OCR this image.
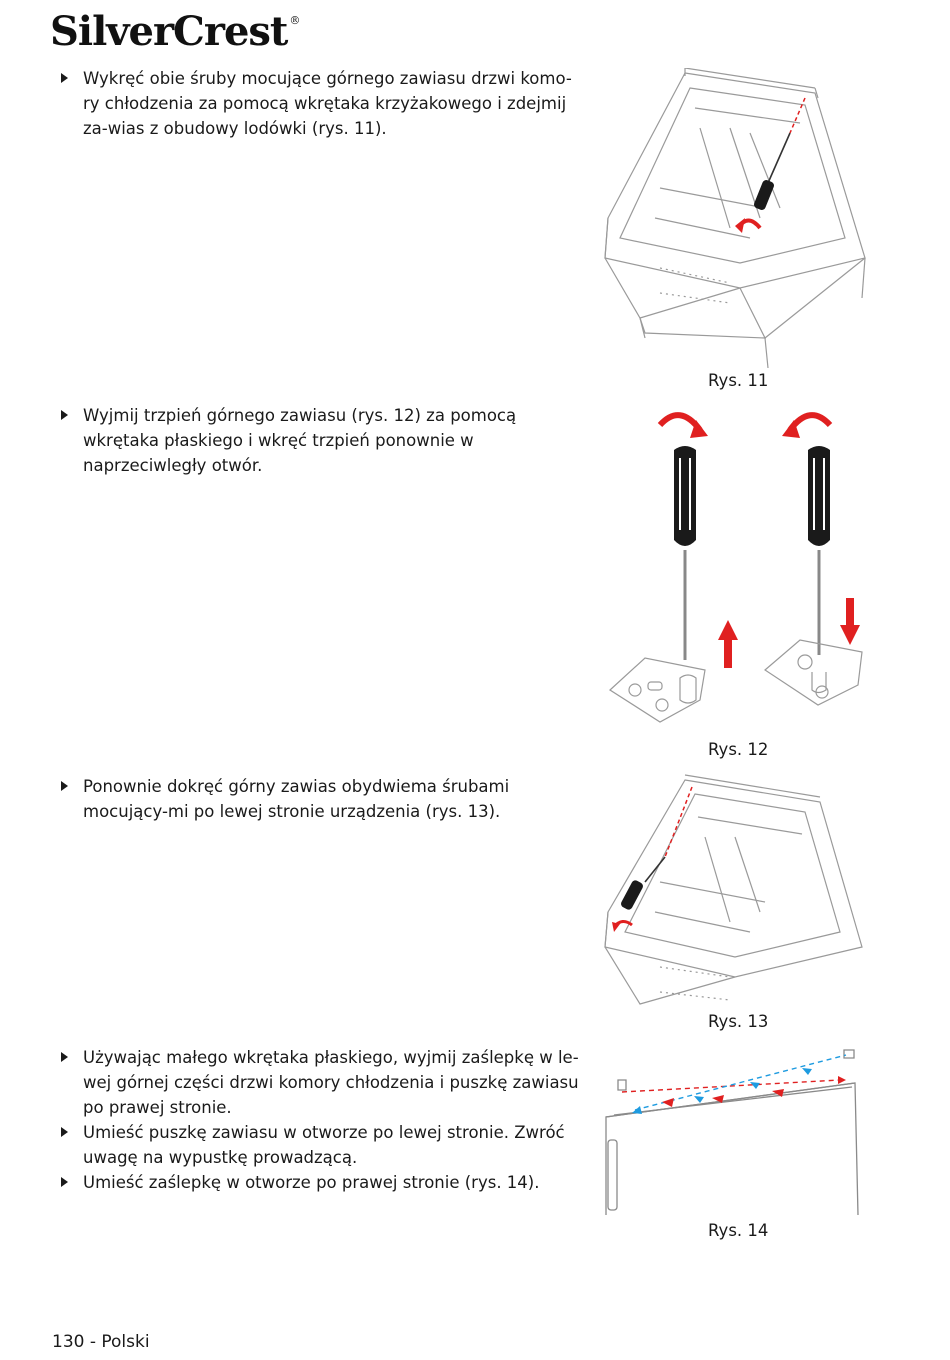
SilverCrest ®

Wykręć obie śruby mocujące górnego zawiasu drzwi komo-ry chłodzenia za pomocą wkrętaka krzyżakowego i zdejmij za-wias z obudowy lodówki (rys. 11).

Rys. 11

Wyjmij trzpień górnego zawiasu (rys. 12) za pomocą wkrętaka płaskiego i wkręć trzpień ponownie w naprzeciwległy otwór.

Rys. 12

Ponownie dokręć górny zawias obydwiema śrubami mocujący-mi po lewej stronie urządzenia (rys. 13).

Rys. 13

Używając małego wkrętaka płaskiego, wyjmij zaślepkę w le-wej górnej części drzwi komory chłodzenia i puszkę zawiasu po prawej stronie.

Umieść puszkę zawiasu w otworze po lewej stronie. Zwróć uwagę na wypustkę prowadzącą.

Umieść zaślepkę w otworze po prawej stronie (rys. 14).

Rys. 14
130 - Polski
